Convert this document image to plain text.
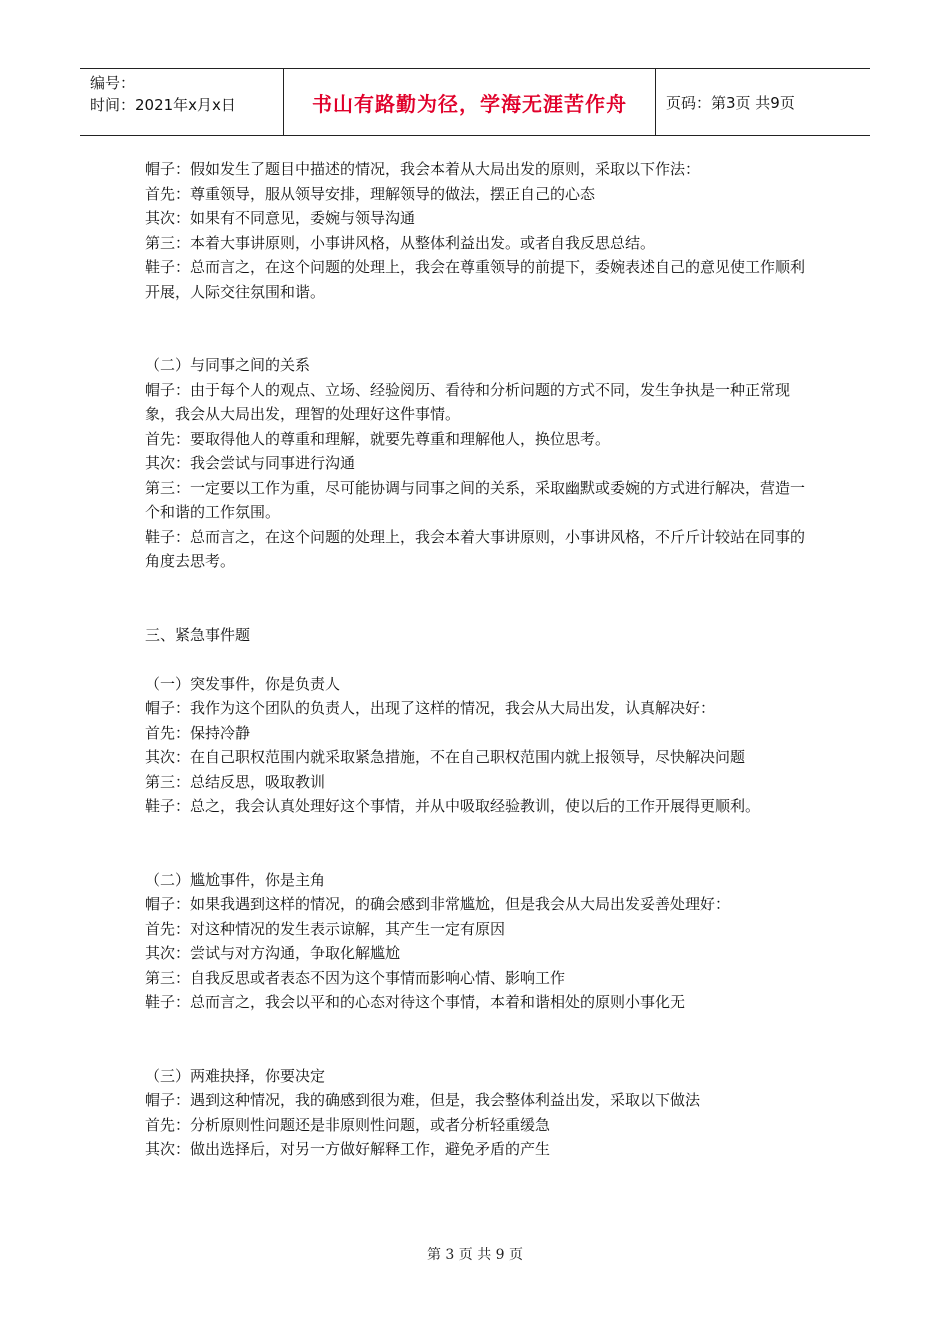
编号：
时间：2021年x月x日	书山有路勤为径，学海无涯苦作舟	页码：第3页 共9页

帽子：假如发生了题目中描述的情况，我会本着从大局出发的原则，采取以下作法：

首先：尊重领导，服从领导安排，理解领导的做法，摆正自己的心态

其次：如果有不同意见，委婉与领导沟通

第三：本着大事讲原则，小事讲风格，从整体利益出发。或者自我反思总结。

鞋子：总而言之，在这个问题的处理上，我会在尊重领导的前提下，委婉表述自己的意见使工作顺利开展，人际交往氛围和谐。

（二）与同事之间的关系

帽子：由于每个人的观点、立场、经验阅历、看待和分析问题的方式不同，发生争执是一种正常现象，我会从大局出发，理智的处理好这件事情。

首先：要取得他人的尊重和理解，就要先尊重和理解他人，换位思考。

其次：我会尝试与同事进行沟通

第三：一定要以工作为重，尽可能协调与同事之间的关系，采取幽默或委婉的方式进行解决，营造一个和谐的工作氛围。

鞋子：总而言之，在这个问题的处理上，我会本着大事讲原则，小事讲风格，不斤斤计较站在同事的角度去思考。

三、紧急事件题

（一）突发事件，你是负责人

帽子：我作为这个团队的负责人，出现了这样的情况，我会从大局出发，认真解决好：

首先：保持冷静

其次：在自己职权范围内就采取紧急措施，不在自己职权范围内就上报领导，尽快解决问题

第三：总结反思，吸取教训

鞋子：总之，我会认真处理好这个事情，并从中吸取经验教训，使以后的工作开展得更顺利。

（二）尴尬事件，你是主角

帽子：如果我遇到这样的情况，的确会感到非常尴尬，但是我会从大局出发妥善处理好：

首先：对这种情况的发生表示谅解，其产生一定有原因

其次：尝试与对方沟通，争取化解尴尬

第三：自我反思或者表态不因为这个事情而影响心情、影响工作

鞋子：总而言之，我会以平和的心态对待这个事情，本着和谐相处的原则小事化无

（三）两难抉择，你要决定

帽子：遇到这种情况，我的确感到很为难，但是，我会整体利益出发，采取以下做法

首先：分析原则性问题还是非原则性问题，或者分析轻重缓急

其次：做出选择后，对另一方做好解释工作，避免矛盾的产生

第 3 页 共 9 页
